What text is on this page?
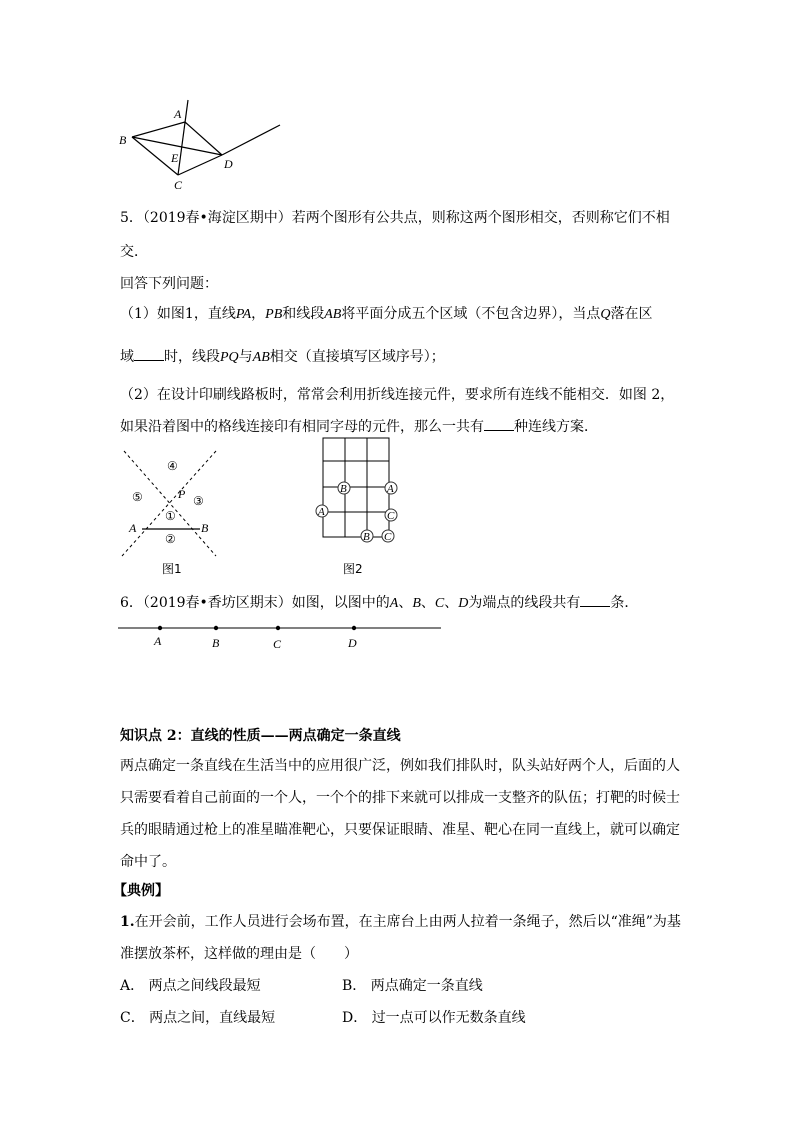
A
B
E	D
C
5．（2019春•海淀区期中）若两个图形有公共点，则称这两个图形相交，否则称它们不相
交．
回答下列问题：
（1）如图1，直线PA，PB和线段AB将平面分成五个区域（不包含边界），当点Q落在区
域 时，线段PQ与AB相交（直接填写区域序号）；
（2）在设计印刷线路板时，常常会利用折线连接元件，要求所有连线不能相交．如图 2，
如果沿着图中的格线连接印有相同字母的元件，那么一共有 种连线方案．
④
⑤	③
P
①
A	B
②
图1
B	A
A	C
B C
图2
6．（2019春•香坊区期末）如图，以图中的A、B、C、D为端点的线段共有 条．
A	B	C	D
知识点 2：直线的性质——两点确定一条直线
两点确定一条直线在生活当中的应用很广泛，例如我们排队时，队头站好两个人，后面的人
只需要看着自己前面的一个人，一个个的排下来就可以排成一支整齐的队伍；打靶的时候士
兵的眼睛通过枪上的准星瞄准靶心，只要保证眼睛、准星、靶心在同一直线上，就可以确定
命中了。
【典例】
1.在开会前，工作人员进行会场布置，在主席台上由两人拉着一条绳子，然后以“准绳”为基
准摆放茶杯，这样做的理由是（　　）
A． 两点之间线段最短	B． 两点确定一条直线
C． 两点之间，直线最短	D． 过一点可以作无数条直线
